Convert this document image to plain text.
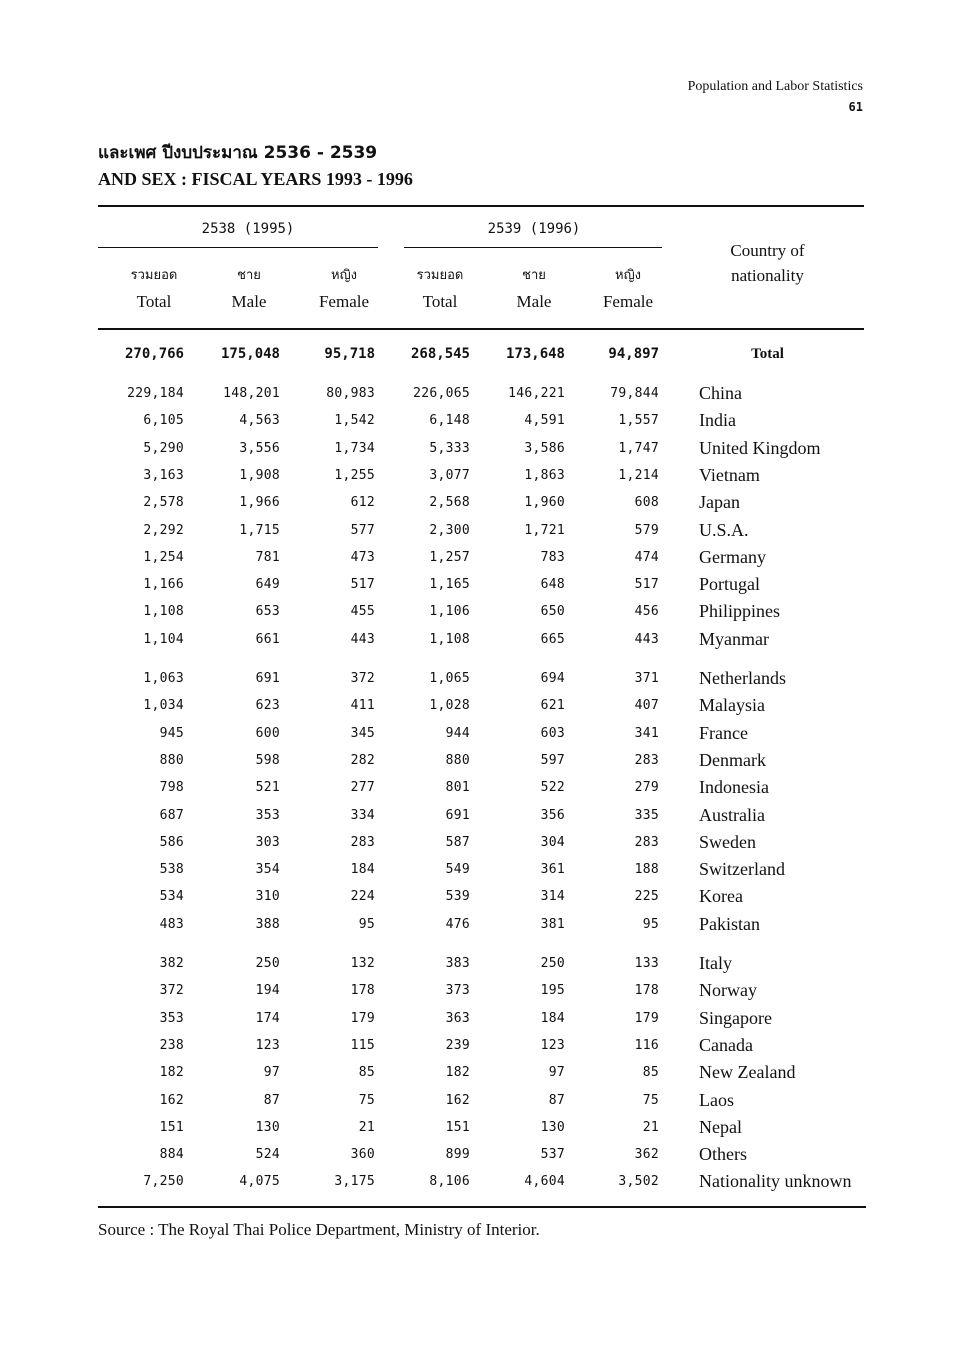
Population and Labor Statistics
61
และเพศ ปีงบประมาณ 2536 - 2539
AND SEX : FISCAL YEARS 1993 - 1996
2538 (1995)	2539 (1996)
รวมยอด	ชาย	หญิง	รวมยอด	ชาย	หญิง
Total	Male	Female	Total	Male	Female
Country of
nationality
270,766	175,048	95,718	268,545	173,648	94,897	Total
229,184	148,201	80,983	226,065	146,221	79,844 China
6,105	4,563	1,542	6,148	4,591	1,557 India
5,290	3,556	1,734	5,333	3,586	1,747 United Kingdom
3,163	1,908	1,255	3,077	1,863	1,214 Vietnam
2,578	1,966	612	2,568	1,960	608 Japan
2,292	1,715	577	2,300	1,721	579 U.S.A.
1,254	781	473	1,257	783	474 Germany
1,166	649	517	1,165	648	517 Portugal
1,108	653	455	1,106	650	456 Philippines
1,104	661	443	1,108	665	443 Myanmar
1,063	691	372	1,065	694	371 Netherlands
1,034	623	411	1,028	621	407 Malaysia
945	600	345	944	603	341 France
880	598	282	880	597	283 Denmark
798	521	277	801	522	279 Indonesia
687	353	334	691	356	335 Australia
586	303	283	587	304	283 Sweden
538	354	184	549	361	188 Switzerland
534	310	224	539	314	225 Korea
483	388	95	476	381	95 Pakistan
382	250	132	383	250	133 Italy
372	194	178	373	195	178 Norway
353	174	179	363	184	179 Singapore
238	123	115	239	123	116 Canada
182	97	85	182	97	85 New Zealand
162	87	75	162	87	75 Laos
151	130	21	151	130	21 Nepal
884	524	360	899	537	362 Others
7,250	4,075	3,175	8,106	4,604	3,502 Nationality unknown
Source : The Royal Thai Police Department, Ministry of Interior.
